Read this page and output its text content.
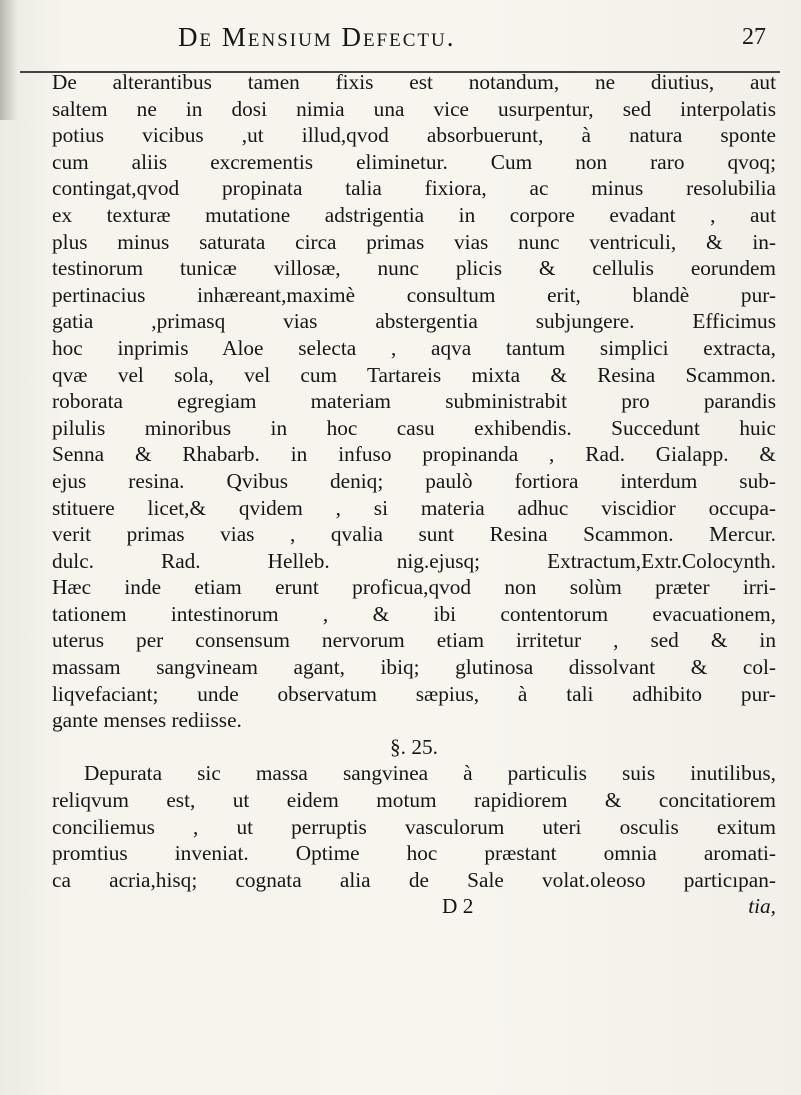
De Mensium Defectu.	27
De alterantibus tamen fixis est notandum, ne diutius, aut
saltem ne in dosi nimia una vice usurpentur, sed interpolatis
potius vicibus ,ut illud,qvod absorbuerunt, à natura sponte
cum aliis excrementis eliminetur. Cum non raro qvoq;
contingat,qvod propinata talia fixiora, ac minus resolubilia
ex texturæ mutatione adstrigentia in corpore evadant , aut
plus minus saturata circa primas vias nunc ventriculi, & in-
testinorum tunicæ villosæ, nunc plicis & cellulis eorundem
pertinacius inhæreant,maximè consultum erit, blandè pur-
gatia ,primasq vias abstergentia subjungere. Efficimus
hoc inprimis Aloe selecta , aqva tantum simplici extracta,
qvæ vel sola, vel cum Tartareis mixta & Resina Scammon.
roborata egregiam materiam subministrabit pro parandis
pilulis minoribus in hoc casu exhibendis. Succedunt huic
Senna & Rhabarb. in infuso propinanda , Rad. Gialapp. &
ejus resina. Qvibus deniq; paulò fortiora interdum sub-
stituere licet,& qvidem , si materia adhuc viscidior occupa-
verit primas vias , qvalia sunt Resina Scammon. Mercur.
dulc. Rad. Helleb. nig.ejusq; Extractum,Extr.Colocynth.
Hæc inde etiam erunt proficua,qvod non solùm præter irri-
tationem intestinorum , & ibi contentorum evacuationem,
uterus per consensum nervorum etiam irritetur , sed & in
massam sangvineam agant, ibiq; glutinosa dissolvant & col-
liqvefaciant; unde observatum sæpius, à tali adhibito pur-
gante menses rediisse.
§. 25.
Depurata sic massa sangvinea à particulis suis inutilibus,
reliqvum est, ut eidem motum rapidiorem & concitatiorem
conciliemus , ut perruptis vasculorum uteri osculis exitum
promtius inveniat. Optime hoc præstant omnia aromati-
ca acria,hisq; cognata alia de Sale volat.oleoso particıpan-
D 2	tia,
